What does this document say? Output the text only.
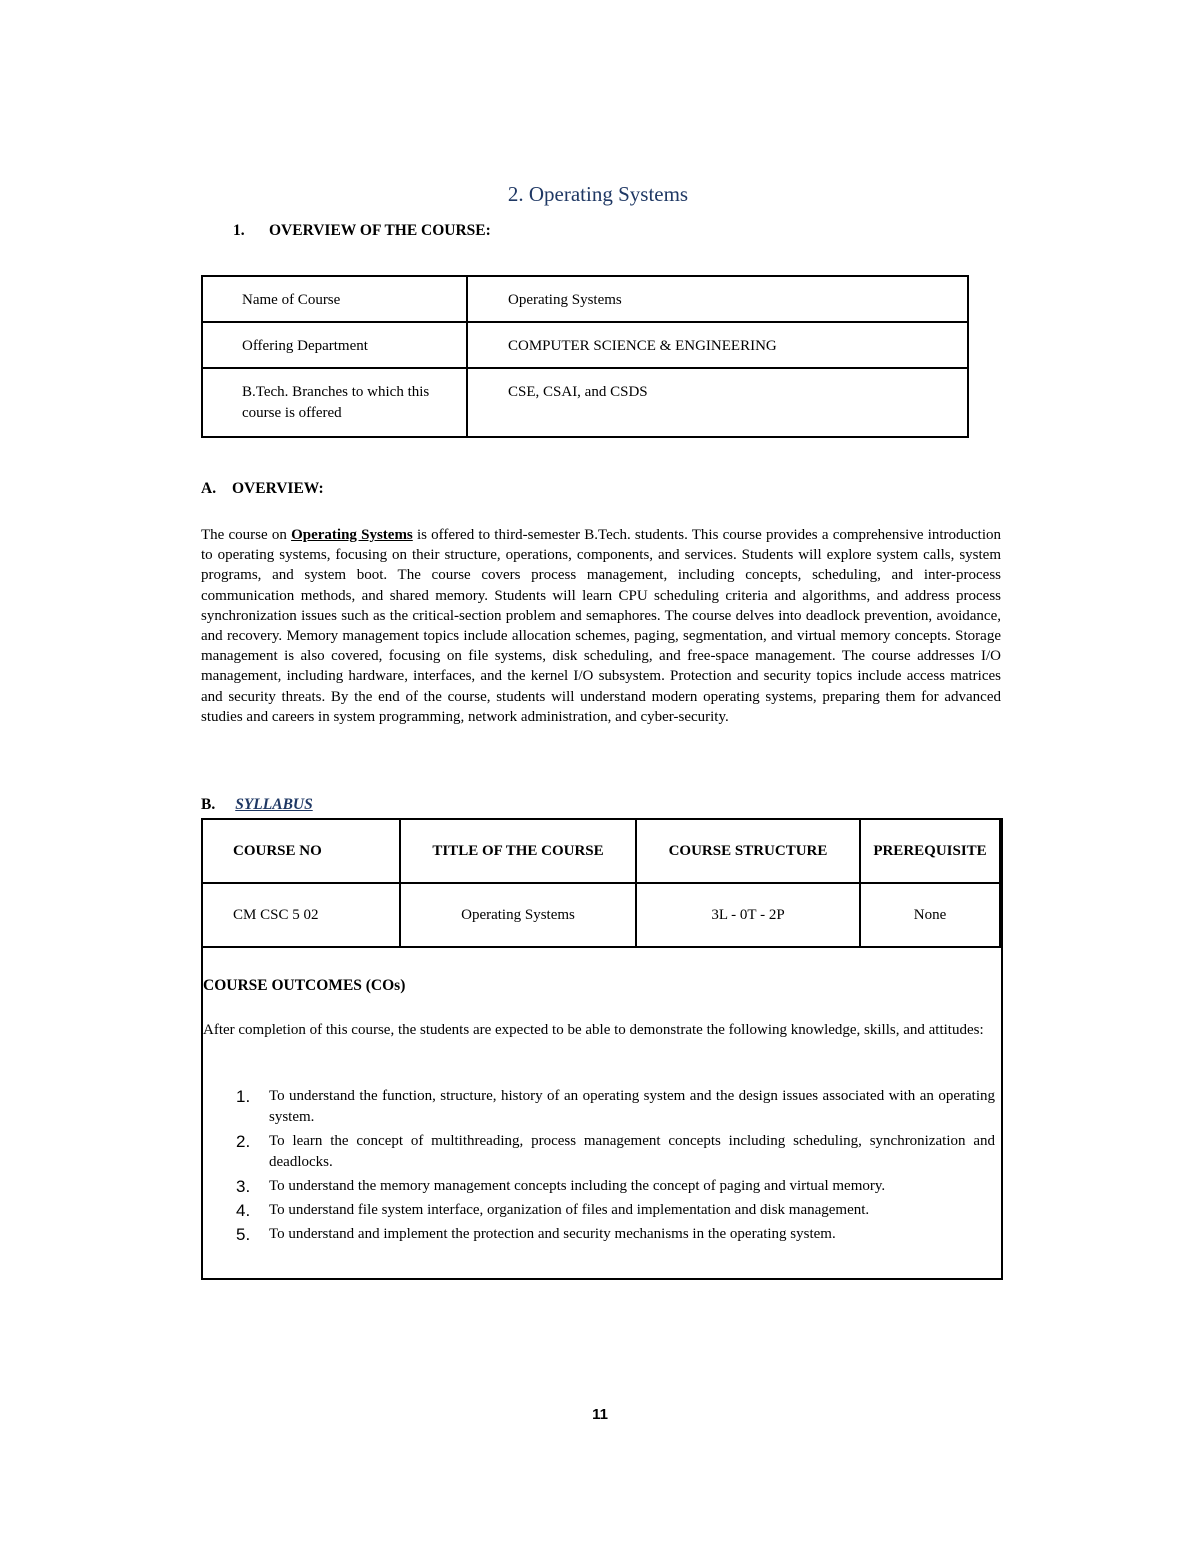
2. Operating Systems
1. OVERVIEW OF THE COURSE:
Name of Course	Operating Systems
Offering Department	COMPUTER SCIENCE & ENGINEERING
B.Tech. Branches to which this course is offered	CSE, CSAI, and CSDS
A. OVERVIEW:

The course on Operating Systems is offered to third-semester B.Tech. students. This course provides a comprehensive introduction to operating systems, focusing on their structure, operations, components, and services. Students will explore system calls, system programs, and system boot. The course covers process management, including concepts, scheduling, and inter-process communication methods, and shared memory. Students will learn CPU scheduling criteria and algorithms, and address process synchronization issues such as the critical-section problem and semaphores. The course delves into deadlock prevention, avoidance, and recovery. Memory management topics include allocation schemes, paging, segmentation, and virtual memory concepts. Storage management is also covered, focusing on file systems, disk scheduling, and free-space management. The course addresses I/O management, including hardware, interfaces, and the kernel I/O subsystem. Protection and security topics include access matrices and security threats. By the end of the course, students will understand modern operating systems, preparing them for advanced studies and careers in system programming, network administration, and cyber-security.

B. SYLLABUS
COURSE NO	TITLE OF THE COURSE	COURSE STRUCTURE	PREREQUISITE
CM CSC 5 02	Operating Systems	3L - 0T - 2P	None
COURSE OUTCOMES (COs)

After completion of this course, the students are expected to be able to demonstrate the following knowledge, skills, and attitudes:

1. To understand the function, structure, history of an operating system and the design issues associated with an operating system.
2. To learn the concept of multithreading, process management concepts including scheduling, synchronization and deadlocks.
3. To understand the memory management concepts including the concept of paging and virtual memory.
4. To understand file system interface, organization of files and implementation and disk management.
5. To understand and implement the protection and security mechanisms in the operating system.
11
